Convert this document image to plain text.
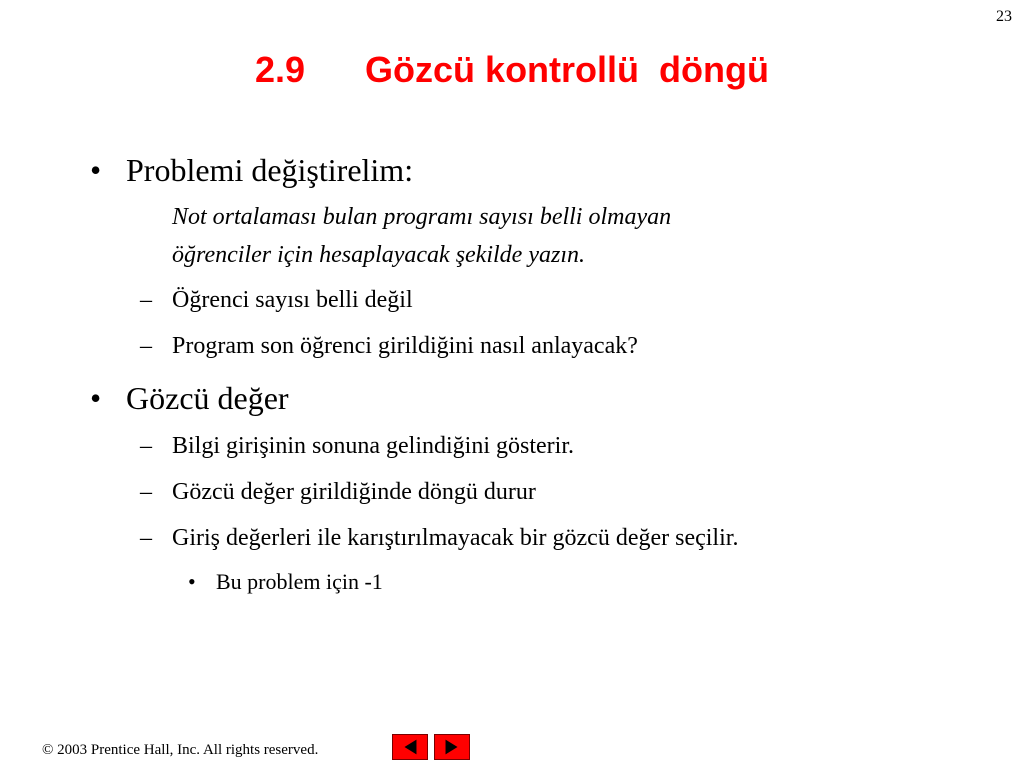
23
2.9      Gözcü kontrollü  döngü
• Problemi değiştirelim:
Not ortalaması bulan programı sayısı belli olmayan
öğrenciler için hesaplayacak şekilde yazın.
– Öğrenci sayısı belli değil
– Program son öğrenci girildiğini nasıl anlayacak?
• Gözcü değer
– Bilgi girişinin sonuna gelindiğini gösterir.
– Gözcü değer girildiğinde döngü durur
– Giriş değerleri ile karıştırılmayacak bir gözcü değer seçilir.
• Bu problem için -1
© 2003 Prentice Hall, Inc. All rights reserved.
